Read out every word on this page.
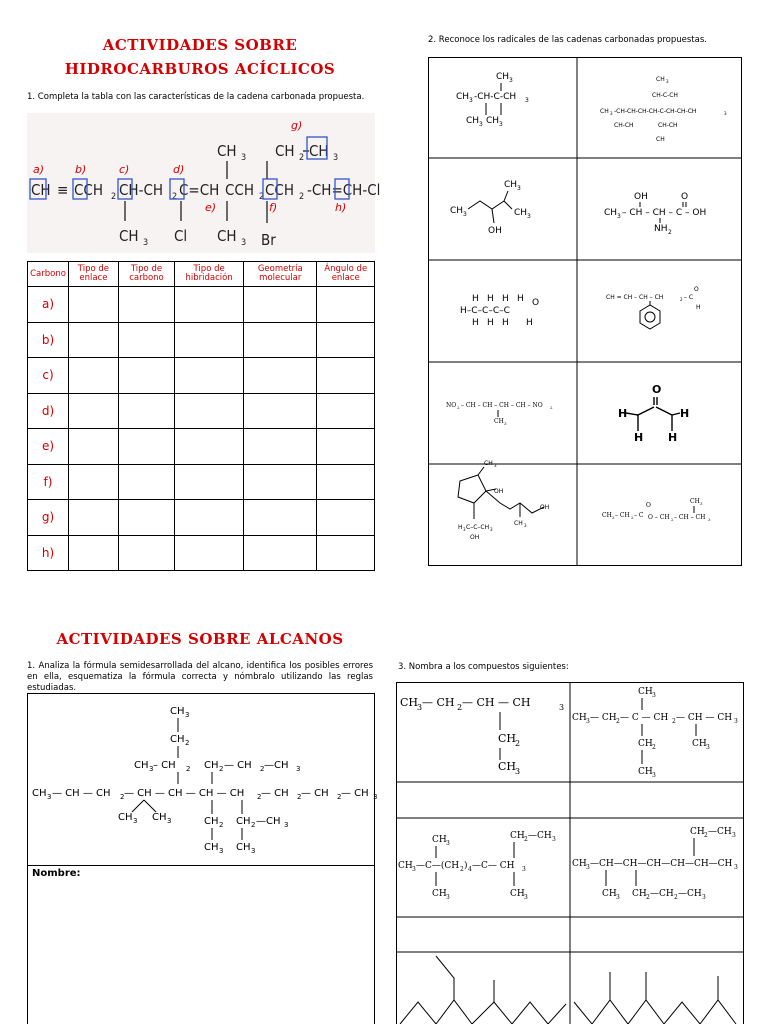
ACTIVIDADES SOBRE
HIDROCARBUROS ACÍCLICOS
1. Completa la tabla con las características de la cadena carbonada propuesta.
CH ≡ CCH 2 CH-CH 2 C=CH CCH 2 CCH 2 -CH=CH-Cl
CH 3 CH 2 CH 3
CH 3 Cl CH 3 Br
a)	b)	c)	d)
e)	f)
g)
h)
Carbono	Tipo de enlace	Tipo de carbono	Tipo de hibridación	Geometría molecular	Ángulo de enlace
a)					
b)					
c)					
d)					
e)					
f)					
g)					
h)					
2. Reconoce los radicales de las cadenas carbonadas propuestas.
CH 3
CH 3 -CH-C-CH 3
CH 3 CH 3
CH 3
CH-C-CH
CH 3 -CH-CH-CH-CH-C-CH-CH-CH	3
CH-CH	CH-CH
CH
CH 3
CH 3
CH 3
OH
OH	O
CH 3 – CH – CH – C – OH
NH 2
H H H H
H–C–C–C–C
O
H H H H
CH = CH – CH – CH	2 – C
O
H
NO 2 – CH – CH – CH – CH – NO 2
CH 3
O
H	H
H H
CH 3
OH
OH
CH 3
H 3 C–C–CH 3
OH
CH 3 – CH 2 – C
O
O – CH 2 – CH – CH 3
CH 3
ACTIVIDADES SOBRE ALCANOS
1. Analiza la fórmula semidesarrollada del alcano, identifica los posibles errores en ella, esquematiza la fórmula correcta y nómbralo utilizando las reglas estudiadas.
CH 3
CH 2
CH 3 – CH 2 CH 2 — CH 2 —CH 3
CH 3 — CH — CH 2 — CH — CH — CH — CH 2 — CH 2 — CH 2 — CH 3
CH 3 CH 3	CH 2 CH 2 —CH 3
CH 3 CH 3
Nombre:
3. Nombra a los compuestos siguientes:
CH
3 — CH 2 — CH — CH	3
CH
2
CH
3
CH 3
CH 3 — CH 2 — C — CH 2 — CH — CH 3
CH 2
CH 3
CH 3
CH 3
CH 3 —C—(CH 2 ) 4 —C— CH 3
CH 3
CH 2 —CH 3
CH 3
CH 2 —CH 3
CH 3 —CH—CH—CH—CH—CH—CH 3
CH 3 CH 2 —CH 2 —CH 3
